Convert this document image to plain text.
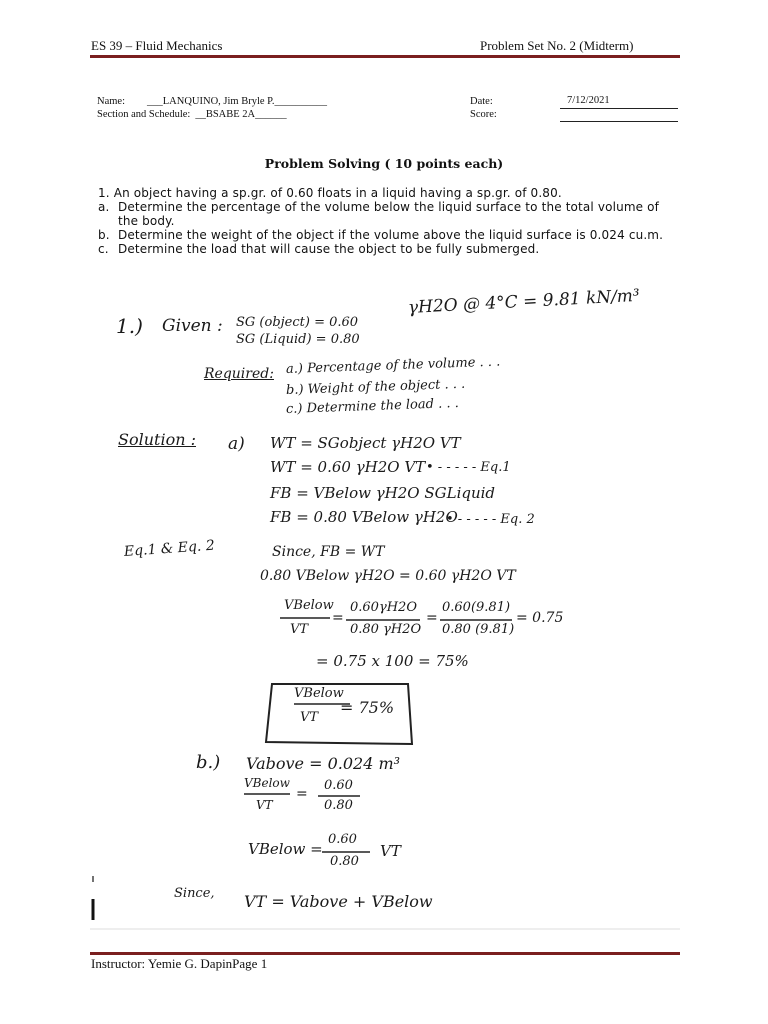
ES 39 – Fluid Mechanics	Problem Set No. 2 (Midterm)
Name: ___LANQUINO, Jim Bryle P.__________
Section and Schedule: __BSABE 2A______
Date:	7/12/2021
Score:
Problem Solving ( 10 points each)
1. An object having a sp.gr. of 0.60 floats in a liquid having a sp.gr. of 0.80.
a. Determine the percentage of the volume below the liquid surface to the total volume of the body.
b. Determine the weight of the object if the volume above the liquid surface is 0.024 cu.m.
c. Determine the load that will cause the object to be fully submerged.
1.) Given : SG (object) = 0.60
SG (Liquid) = 0.80
γH2O @ 4°C = 9.81 kN/m³
Required: a.) Percentage of the volume . . .
b.) Weight of the object . . .
c.) Determine the load . . .
Solution : a) WT = SGobject γH2O VT
WT = 0.60 γH2O VT • - - - - - Eq.1
FB = VBelow γH2O SGLiquid
FB = 0.80 VBelow γH2O
• - - - - - Eq. 2
Eq.1 & Eq. 2	Since, FB = WT
0.80 VBelow γH2O = 0.60 γH2O VT
VBelow
VT
=
0.60γH2O
0.80 γH2O
=
0.60(9.81)
0.80 (9.81)
= 0.75
= 0.75 x 100 = 75%
VBelow
VT
= 75%
b.) Vabove = 0.024 m³
VBelow
VT
=
0.60
0.80
VBelow =
0.60
0.80
VT
Since, VT = Vabove + VBelow
Instructor: Yemie G. DapinPage 1
